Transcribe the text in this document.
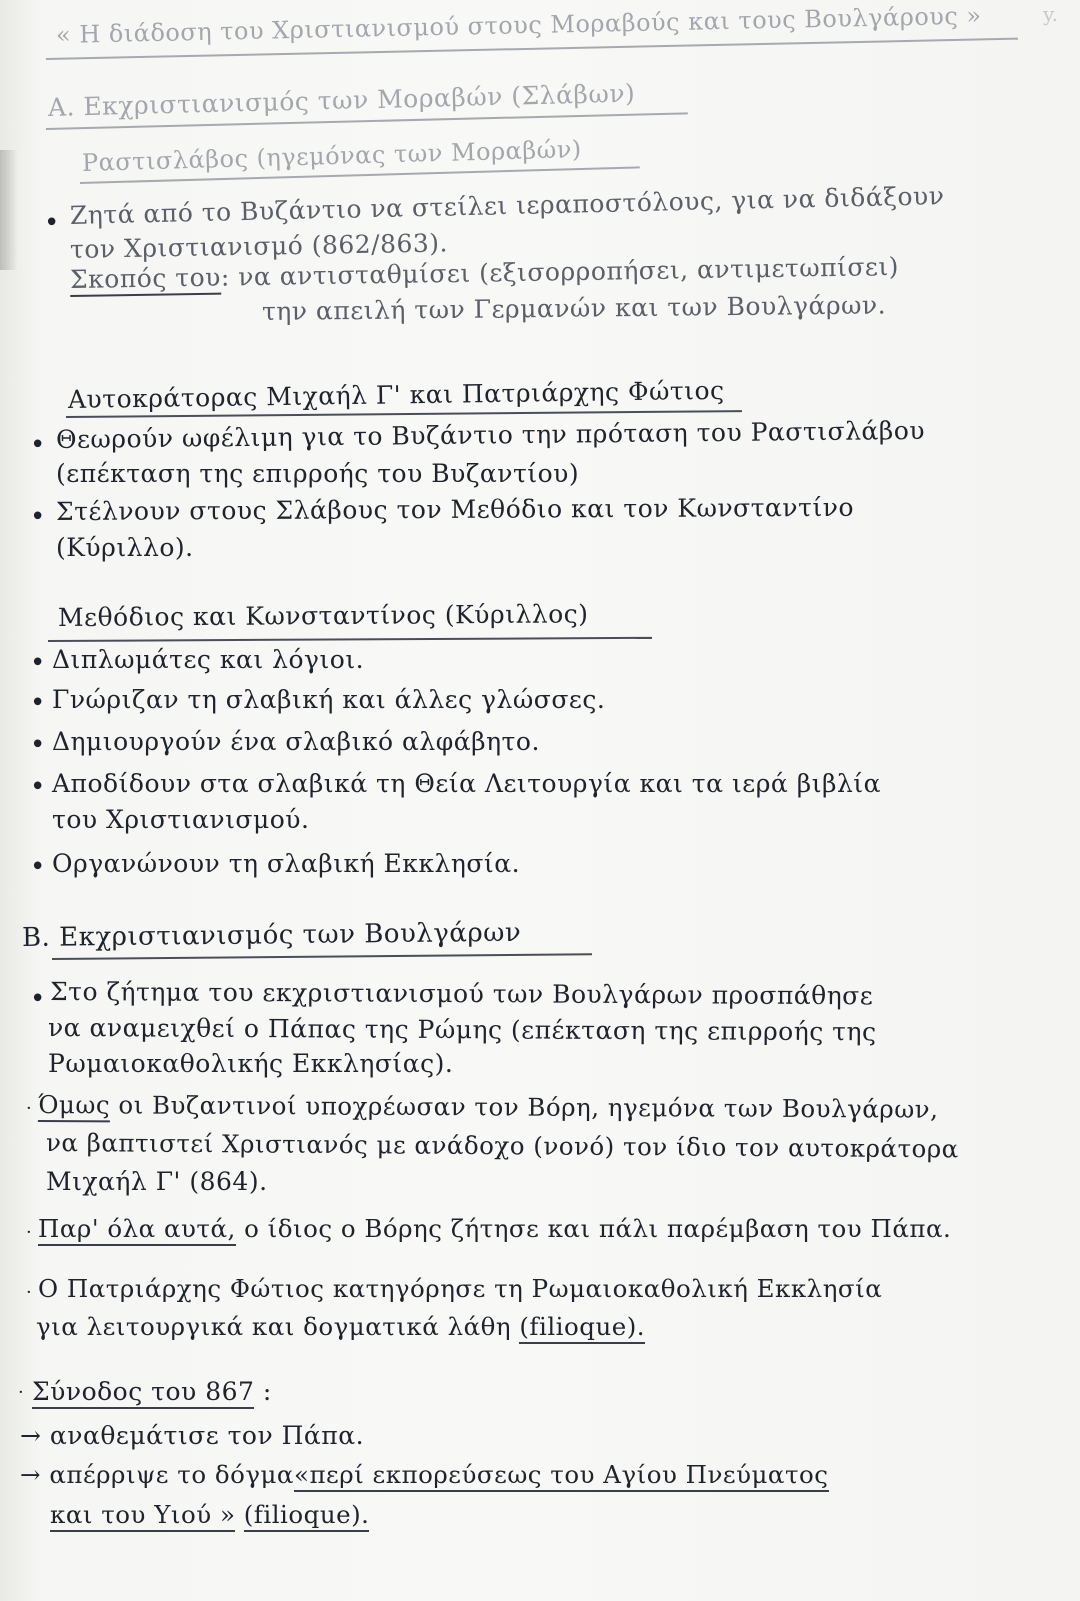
y.
« Η διάδοση του Χριστιανισμού στους Μοραβούς και τους Βουλγάρους »
A. Εκχριστιανισμός των Μοραβών (Σλάβων)
Ραστισλάβος (ηγεμόνας των Μοραβών)
• Ζητά από το Βυζάντιο να στείλει ιεραποστόλους, για να διδάξουν
τον Χριστιανισμό (862/863).
Σκοπός του: να αντισταθμίσει (εξισορροπήσει, αντιμετωπίσει)
την απειλή των Γερμανών και των Βουλγάρων.
Αυτοκράτορας Μιχαήλ Γ' και Πατριάρχης Φώτιος
• Θεωρούν ωφέλιμη για το Βυζάντιο την πρόταση του Ραστισλάβου
(επέκταση της επιρροής του Βυζαντίου)
• Στέλνουν στους Σλάβους τον Μεθόδιο και τον Κωνσταντίνο
(Κύριλλο).
Μεθόδιος και Κωνσταντίνος (Κύριλλος)
• Διπλωμάτες και λόγιοι.
• Γνώριζαν τη σλαβική και άλλες γλώσσες.
• Δημιουργούν ένα σλαβικό αλφάβητο.
• Αποδίδουν στα σλαβικά τη Θεία Λειτουργία και τα ιερά βιβλία
του Χριστιανισμού.
• Οργανώνουν τη σλαβική Εκκλησία.
B. Εκχριστιανισμός των Βουλγάρων
• Στο ζήτημα του εκχριστιανισμού των Βουλγάρων προσπάθησε
να αναμειχθεί ο Πάπας της Ρώμης (επέκταση της επιρροής της
Ρωμαιοκαθολικής Εκκλησίας).
· Όμως οι Βυζαντινοί υποχρέωσαν τον Βόρη, ηγεμόνα των Βουλγάρων,
να βαπτιστεί Χριστιανός με ανάδοχο (νονό) τον ίδιο τον αυτοκράτορα
Μιχαήλ Γ' (864).
· Παρ' όλα αυτά, ο ίδιος ο Βόρης ζήτησε και πάλι παρέμβαση του Πάπα.
· Ο Πατριάρχης Φώτιος κατηγόρησε τη Ρωμαιοκαθολική Εκκλησία
για λειτουργικά και δογματικά λάθη (filioque).
· Σύνοδος του 867 :
→ αναθεμάτισε τον Πάπα.
→ απέρριψε το δόγμα«περί εκπορεύσεως του Αγίου Πνεύματος
και του Υιού » (filioque).
